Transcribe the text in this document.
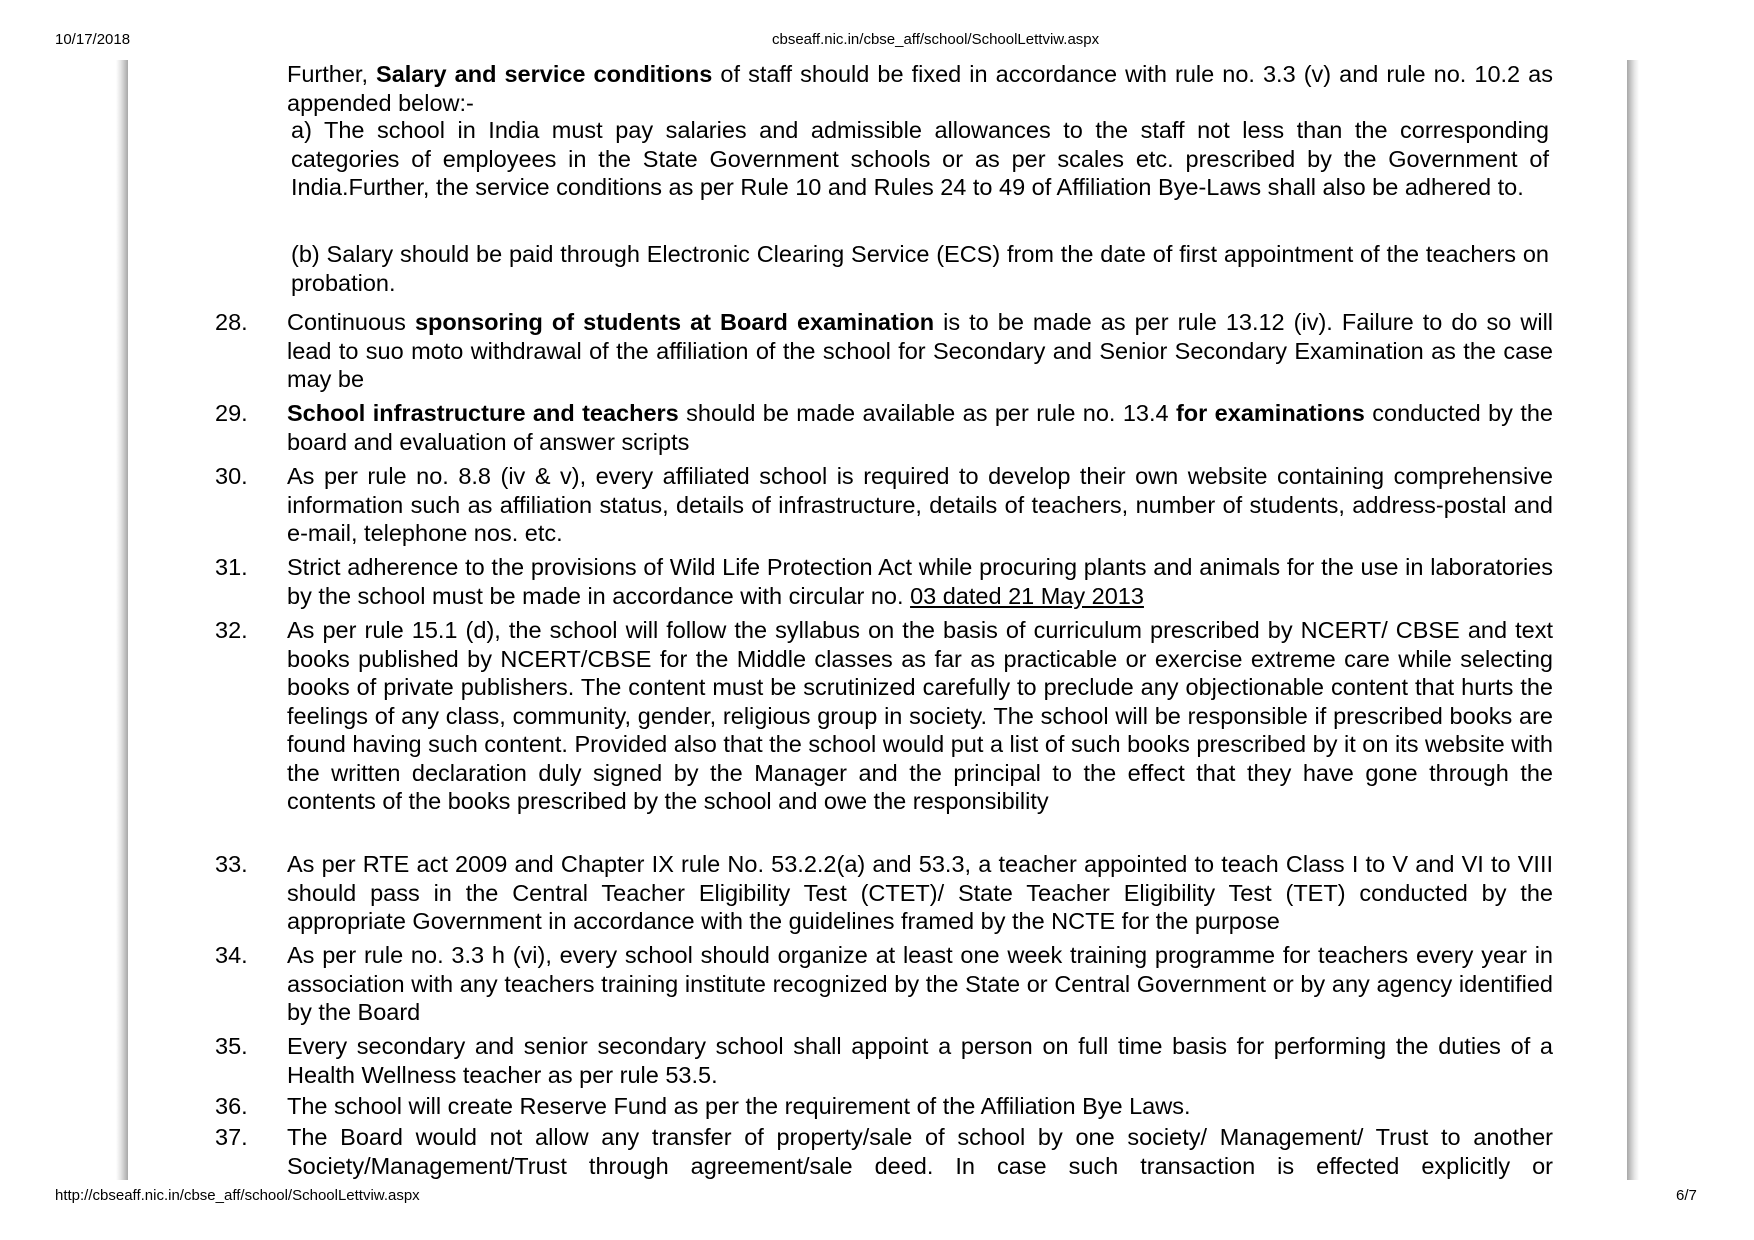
10/17/2018	cbseaff.nic.in/cbse_aff/school/SchoolLettviw.aspx
Further, Salary and service conditions of staff should be fixed in accordance with rule no. 3.3 (v) and rule no. 10.2 as appended below:-
a) The school in India must pay salaries and admissible allowances to the staff not less than the corresponding categories of employees in the State Government schools or as per scales etc. prescribed by the Government of India.Further, the service conditions as per Rule 10 and Rules 24 to 49 of Affiliation Bye-Laws shall also be adhered to.
(b) Salary should be paid through Electronic Clearing Service (ECS) from the date of first appointment of the teachers on probation.
28. Continuous sponsoring of students at Board examination is to be made as per rule 13.12 (iv). Failure to do so will lead to suo moto withdrawal of the affiliation of the school for Secondary and Senior Secondary Examination as the case may be
29. School infrastructure and teachers should be made available as per rule no. 13.4 for examinations conducted by the board and evaluation of answer scripts
30. As per rule no. 8.8 (iv & v), every affiliated school is required to develop their own website containing comprehensive information such as affiliation status, details of infrastructure, details of teachers, number of students, address-postal and e-mail, telephone nos. etc.
31. Strict adherence to the provisions of Wild Life Protection Act while procuring plants and animals for the use in laboratories by the school must be made in accordance with circular no. 03 dated 21 May 2013
32. As per rule 15.1 (d), the school will follow the syllabus on the basis of curriculum prescribed by NCERT/ CBSE and text books published by NCERT/CBSE for the Middle classes as far as practicable or exercise extreme care while selecting books of private publishers. The content must be scrutinized carefully to preclude any objectionable content that hurts the feelings of any class, community, gender, religious group in society. The school will be responsible if prescribed books are found having such content. Provided also that the school would put a list of such books prescribed by it on its website with the written declaration duly signed by the Manager and the principal to the effect that they have gone through the contents of the books prescribed by the school and owe the responsibility
33. As per RTE act 2009 and Chapter IX rule No. 53.2.2(a) and 53.3, a teacher appointed to teach Class I to V and VI to VIII should pass in the Central Teacher Eligibility Test (CTET)/ State Teacher Eligibility Test (TET) conducted by the appropriate Government in accordance with the guidelines framed by the NCTE for the purpose
34. As per rule no. 3.3 h (vi), every school should organize at least one week training programme for teachers every year in association with any teachers training institute recognized by the State or Central Government or by any agency identified by the Board
35. Every secondary and senior secondary school shall appoint a person on full time basis for performing the duties of a Health Wellness teacher as per rule 53.5.
36. The school will create Reserve Fund as per the requirement of the Affiliation Bye Laws.
37. The Board would not allow any transfer of property/sale of school by one society/ Management/ Trust to another Society/Management/Trust through agreement/sale deed. In case such transaction is effected explicitly or
http://cbseaff.nic.in/cbse_aff/school/SchoolLettviw.aspx	6/7
